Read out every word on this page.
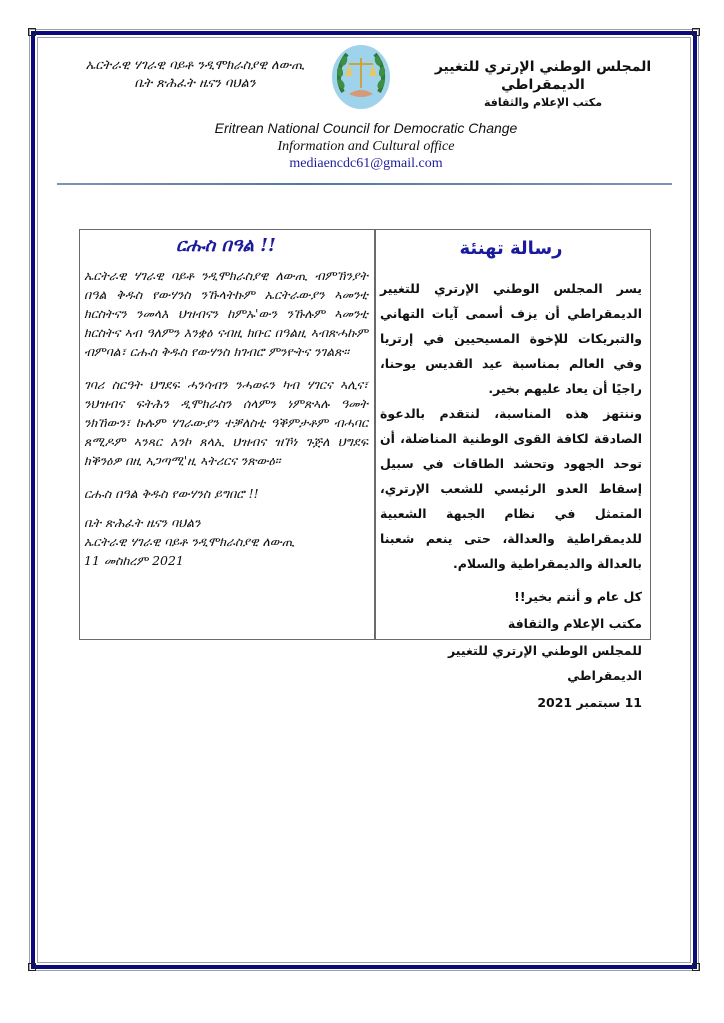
ኤርትራዊ ሃገራዊ ባይቶ ንዲሞክራስያዊ ለውጢ
ቤት ጽሕፈት ዜናን ባህልን
المجلس الوطني الإرتري للتغيير الديمقراطي
مكتب الإعلام والثقافة
Eritrean National Council for Democratic Change
Information and Cultural office
mediaencdc61@gmail.com
ርሑስ በዓል !!

ኤርትራዊ ሃገራዊ ባይቶ ንዲሞክራስያዊ ለውጢ ብምኽንያት በዓል ቅዱስ የውሃንስ ንኹላትኩም ኤርትራውያን ኣመንቲ ክርስትናን ንመላእ ህዝብናን ከምኡ'ውን ንኹሉም ኣመንቲ ክርስትና ኣብ ዓለምን እንቋዕ ናብዚ ክቡር በዓልዚ ኣብጽሓኩም ብምባል፣ ርሑስ ቅዱስ የውሃንስ ክገብሮ ምንዮትና ንገልጽ።

ገባሪ ስርዓት ህግደፍ ሓንሳብን ንሓወሩን ካብ ሃገርና ኣሊና፣ ንህዝብና ፍትሕን ዲሞክራስን ሰላምን ነምጽኣሉ ዓመት ንክኸውን፣ ኩሉም ሃገራውያን ተቓለስቲ ዓቕምታቶም ብሓባር ጸሚዶም ኣንጻር እንኮ ጸላኢ ህዝብና ዝኾነ ጉጅለ ህግደፍ ክቕንዕዎ በዚ ኣጋጣሚ'ዚ ኣትሪርና ንጽውዕ።

ርሑስ በዓል ቅዱስ የውሃንስ ይግበሮ !!

ቤት ጽሕፈት ዜናን ባህልን

ኤርትራዊ ሃገራዊ ባይቶ ንዲሞክራስያዊ ለውጢ

11 መስከረም 2021

رسالة تهنئة

يسر المجلس الوطني الإرتري للتغيير الديمقراطي أن يزف أسمى آيات التهاني والتبريكات للإخوة المسيحيين في إرتريا وفي العالم بمناسبة عيد القديس يوحنا، راجيًا أن يعاد عليهم بخير.

وننتهز هذه المناسبة، لنتقدم بالدعوة الصادقة لكافة القوى الوطنية المناضلة، أن توحد الجهود وتحشد الطاقات في سبيل إسقاط العدو الرئيسي للشعب الإرتري، المتمثل في نظام الجبهة الشعبية للديمقراطية والعدالة، حتى ينعم شعبنا بالعدالة والديمقراطية والسلام.

كل عام و أنتم بخير!!

مكتب الإعلام والثقافة

للمجلس الوطني الإرتري للتغيير الديمقراطي

11 سبتمبر 2021
